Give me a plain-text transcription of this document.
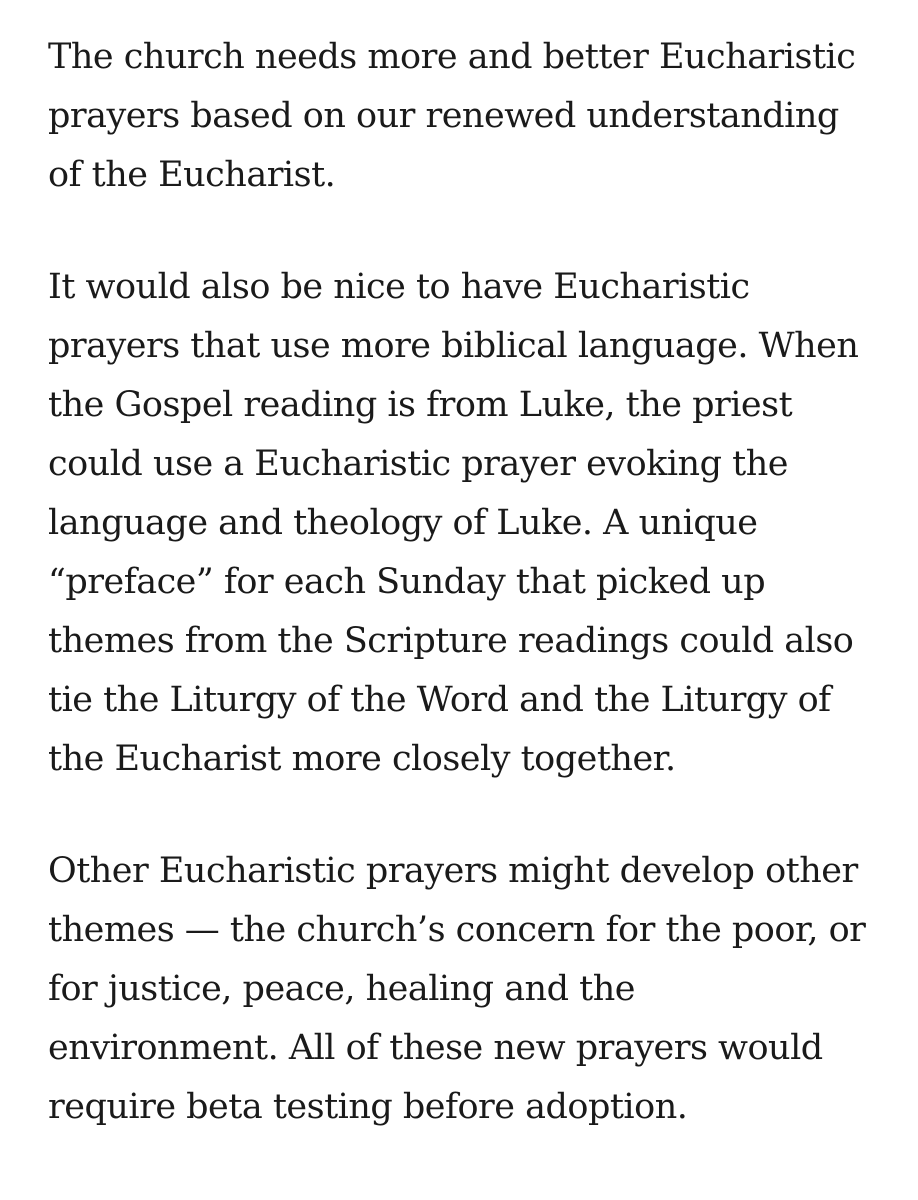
The church needs more and better Eucharistic
prayers based on our renewed understanding
of the Eucharist.

It would also be nice to have Eucharistic
prayers that use more biblical language. When
the Gospel reading is from Luke, the priest
could use a Eucharistic prayer evoking the
language and theology of Luke. A unique
“preface” for each Sunday that picked up
themes from the Scripture readings could also
tie the Liturgy of the Word and the Liturgy of
the Eucharist more closely together.

Other Eucharistic prayers might develop other
themes — the church’s concern for the poor, or
for justice, peace, healing and the
environment. All of these new prayers would
require beta testing before adoption.
